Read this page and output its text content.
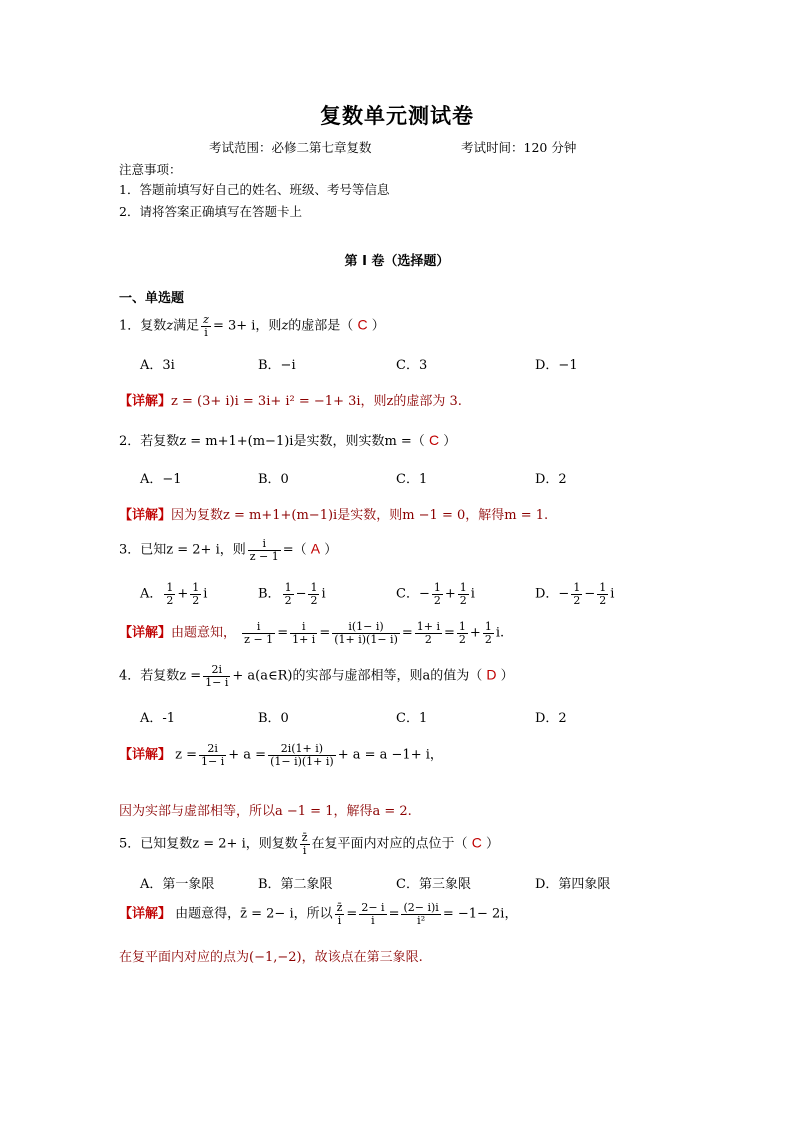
复数单元测试卷
考试范围：必修二第七章复数	考试时间：120 分钟
注意事项：
1．答题前填写好自己的姓名、班级、考号等信息
2．请将答案正确填写在答题卡上
第 I 卷（选择题）
一、单选题
1．复数z满足 $\frac{z}{i} = 3+ i$，则z的虚部是（ C ）
A．3i	B．−i	C．3	D．−1
【详解】z = (3+ i)i = 3i+ i² = −1+ 3i，则z的虚部为 3.
2．若复数z = m+1+(m−1)i是实数，则实数m =（ C ）
A．−1	B．0	C．1	D．2
【详解】因为复数z = m+1+(m−1)i是实数，则m −1 = 0，解得m = 1.
3．已知z = 2+ i，则 $\frac{i}{z - 1}$ =（ A ）
A． $\frac{1}{2} + \frac{1}{2}$ i	B． $\frac{1}{2} - \frac{1}{2}$ i	C．− $\frac{1}{2} + \frac{1}{2}$ i	D．− $\frac{1}{2} - \frac{1}{2}$ i
【详解】由题意知， $\frac{i}{z - 1} = \frac{i}{1+ i} = \frac{i(1- i)}{(1+ i)(1- i)} = \frac{1+ i}{2} = \frac{1}{2} + \frac{1}{2} i$.
4．若复数$z = \frac{2i}{1- i}$ + a(a∈R)的实部与虚部相等，则a的值为（ D ）
A．-1	B．0	C．1	D．2
【详解】 $z = \frac{2i}{1- i} + a = \frac{2i(1+ i)}{(1- i)(1+ i)} + a = a -1+ i$，
因为实部与虚部相等，所以a −1 = 1，解得a = 2.
5．已知复数z = 2+ i，则复数 $\frac{z̄}{i}$ 在复平面内对应的点位于（ C ）
A．第一象限	B．第二象限	C．第三象限	D．第四象限
【详解】 由题意得，z̄ = 2− i，所以 $\frac{z̄}{i} = \frac{2- i}{i} = \frac{(2- i)i}{\text{i²}} = -1- 2i$，
在复平面内对应的点为(−1,−2)，故该点在第三象限.
